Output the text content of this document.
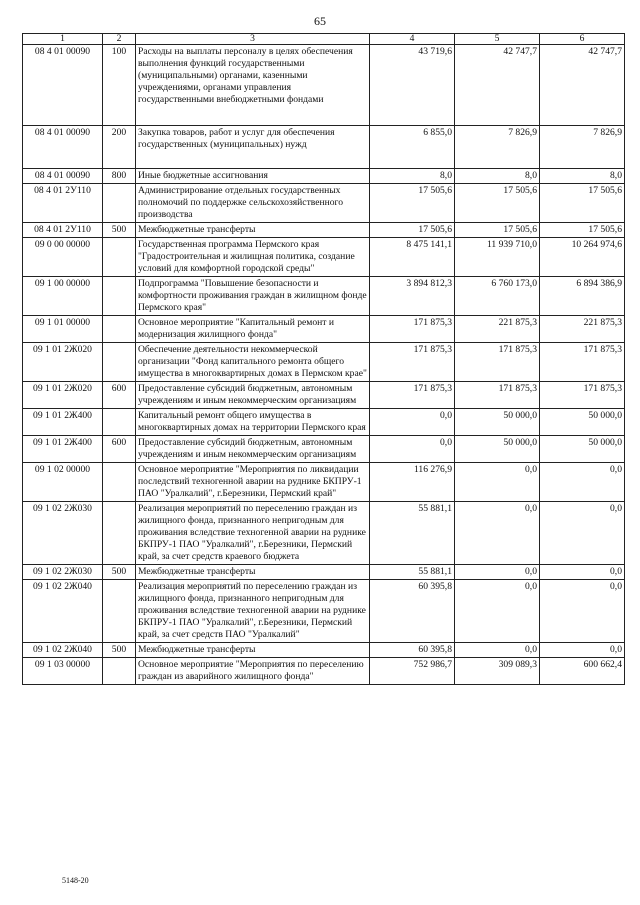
65
1	2	3	4	5	6
08 4 01 00090	100	Расходы на выплаты персоналу в целях обеспечения выполнения функций государственными (муниципальными) органами, казенными учреждениями, органами управления государственными внебюджетными фондами	43 719,6	42 747,7	42 747,7
08 4 01 00090	200	Закупка товаров, работ и услуг для обеспечения государственных (муниципальных) нужд	6 855,0	7 826,9	7 826,9
08 4 01 00090	800	Иные бюджетные ассигнования	8,0	8,0	8,0
08 4 01 2У110		Администрирование отдельных государственных полномочий по поддержке сельскохозяйственного производства	17 505,6	17 505,6	17 505,6
08 4 01 2У110	500	Межбюджетные трансферты	17 505,6	17 505,6	17 505,6
09 0 00 00000		Государственная программа Пермского края "Градостроительная и жилищная политика, создание условий для комфортной городской среды"	8 475 141,1	11 939 710,0	10 264 974,6
09 1 00 00000		Подпрограмма "Повышение безопасности и комфортности проживания граждан в жилищном фонде Пермского края"	3 894 812,3	6 760 173,0	6 894 386,9
09 1 01 00000		Основное мероприятие "Капитальный ремонт и модернизация жилищного фонда"	171 875,3	221 875,3	221 875,3
09 1 01 2Ж020		Обеспечение деятельности некоммерческой организации "Фонд капитального ремонта общего имущества в многоквартирных домах в Пермском крае"	171 875,3	171 875,3	171 875,3
09 1 01 2Ж020	600	Предоставление субсидий бюджетным, автономным учреждениям и иным некоммерческим организациям	171 875,3	171 875,3	171 875,3
09 1 01 2Ж400		Капитальный ремонт общего имущества в многоквартирных домах на территории Пермского края	0,0	50 000,0	50 000,0
09 1 01 2Ж400	600	Предоставление субсидий бюджетным, автономным учреждениям и иным некоммерческим организациям	0,0	50 000,0	50 000,0
09 1 02 00000		Основное мероприятие "Мероприятия по ликвидации последствий техногенной аварии на руднике БКПРУ-1 ПАО "Уралкалий", г.Березники, Пермский край"	116 276,9	0,0	0,0
09 1 02 2Ж030		Реализация мероприятий по переселению граждан из жилищного фонда, признанного непригодным для проживания вследствие техногенной аварии на руднике БКПРУ-1 ПАО "Уралкалий", г.Березники, Пермский край, за счет средств краевого бюджета	55 881,1	0,0	0,0
09 1 02 2Ж030	500	Межбюджетные трансферты	55 881,1	0,0	0,0
09 1 02 2Ж040		Реализация мероприятий по переселению граждан из жилищного фонда, признанного непригодным для проживания вследствие техногенной аварии на руднике БКПРУ-1 ПАО "Уралкалий", г.Березники, Пермский край, за счет средств ПАО "Уралкалий"	60 395,8	0,0	0,0
09 1 02 2Ж040	500	Межбюджетные трансферты	60 395,8	0,0	0,0
09 1 03 00000		Основное мероприятие "Мероприятия по переселению граждан из аварийного жилищного фонда"	752 986,7	309 089,3	600 662,4
5148-20
